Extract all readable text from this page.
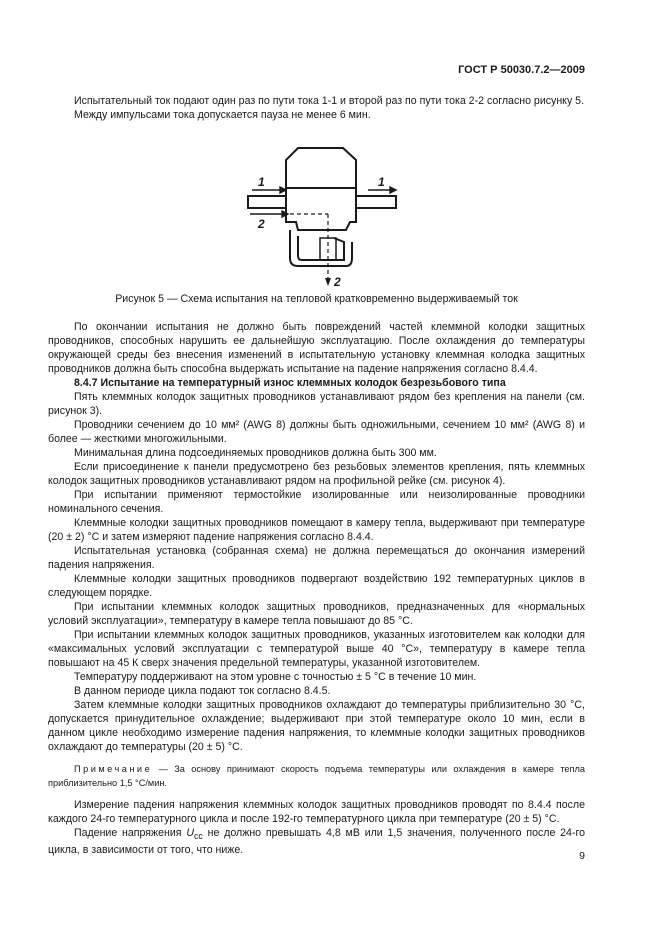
ГОСТ Р 50030.7.2—2009

Испытательный ток подают один раз по пути тока 1-1 и второй раз по пути тока 2-2 согласно рисунку 5.

Между импульсами тока допускается пауза не менее 6 мин.

1	1
2
2

Рисунок 5 — Схема испытания на тепловой кратковременно выдерживаемый ток

По окончании испытания не должно быть повреждений частей клеммной колодки защитных проводников, способных нарушить ее дальнейшую эксплуатацию. После охлаждения до температуры окружающей среды без внесения изменений в испытательную установку клеммная колодка защитных проводников должна быть способна выдержать испытание на падение напряжения согласно 8.4.4.

8.4.7 Испытание на температурный износ клеммных колодок безрезьбового типа

Пять клеммных колодок защитных проводников устанавливают рядом без крепления на панели (см. рисунок 3).

Проводники сечением до 10 мм² (AWG 8) должны быть одножильными, сечением 10 мм² (AWG 8) и более — жесткими многожильными.

Минимальная длина подсоединяемых проводников должна быть 300 мм.

Если присоединение к панели предусмотрено без резьбовых элементов крепления, пять клеммных колодок защитных проводников устанавливают рядом на профильной рейке (см. рисунок 4).

При испытании применяют термостойкие изолированные или неизолированные проводники номинального сечения.

Клеммные колодки защитных проводников помещают в камеру тепла, выдерживают при температуре (20 ± 2) °С и затем измеряют падение напряжения согласно 8.4.4.

Испытательная установка (собранная схема) не должна перемещаться до окончания измерений падения напряжения.

Клеммные колодки защитных проводников подвергают воздействию 192 температурных циклов в следующем порядке.

При испытании клеммных колодок защитных проводников, предназначенных для «нормальных условий эксплуатации», температуру в камере тепла повышают до 85 °С.

При испытании клеммных колодок защитных проводников, указанных изготовителем как колодки для «максимальных условий эксплуатации с температурой выше 40 °С», температуру в камере тепла повышают на 45 К сверх значения предельной температуры, указанной изготовителем.

Температуру поддерживают на этом уровне с точностью ± 5 °С в течение 10 мин.

В данном периоде цикла подают ток согласно 8.4.5.

Затем клеммные колодки защитных проводников охлаждают до температуры приблизительно 30 °С, допускается принудительное охлаждение; выдерживают при этой температуре около 10 мин, если в данном цикле необходимо измерение падения напряжения, то клеммные колодки защитных проводников охлаждают до температуры (20 ± 5) °С.

Примечание — За основу принимают скорость подъема температуры или охлаждения в камере тепла приблизительно 1,5 °С/мин.

Измерение падения напряжения клеммных колодок защитных проводников проводят по 8.4.4 после каждого 24-го температурного цикла и после 192-го температурного цикла при температуре (20 ± 5) °С.

Падение напряжения $U_{cc}$ не должно превышать 4,8 мВ или 1,5 значения, полученного после 24-го цикла, в зависимости от того, что ниже.	9
